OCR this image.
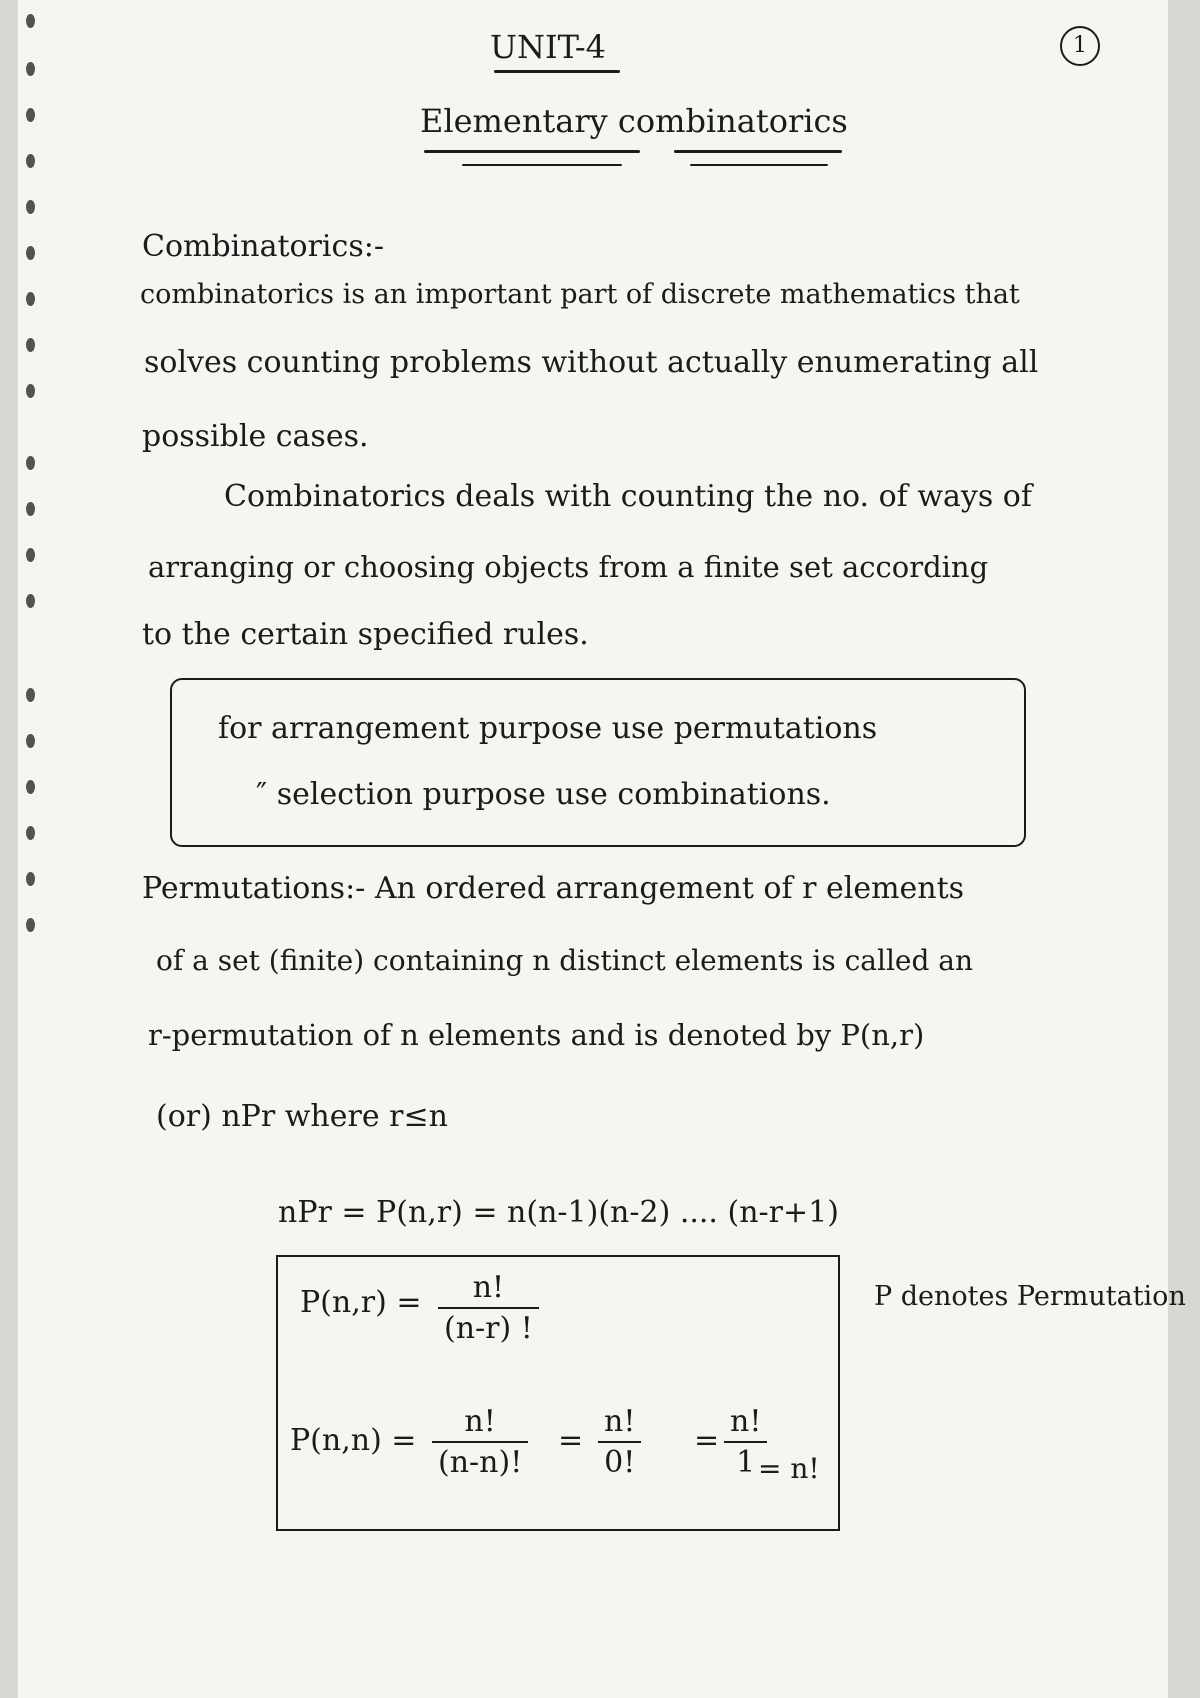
UNIT-4	1
Elementary combinatorics
Combinatorics:-
combinatorics is an important part of discrete mathematics that
solves counting problems without actually enumerating all
possible cases.
Combinatorics deals with counting the no. of ways of
arranging or choosing objects from a finite set according
to the certain specified rules.
for arrangement purpose use permutations
″ selection purpose use combinations.
Permutations:- An ordered arrangement of r elements
of a set (finite) containing n distinct elements is called an
r-permutation of n elements and is denoted by P(n,r)
(or) nPr where r≤n
nPr = P(n,r) = n(n-1)(n-2) .... (n-r+1)
P(n,r) =	n!
(n-r) !
P(n,n) =
n!
(n-n)!
=
n!
0!
=
n!
1 = n!
P denotes Permutation
